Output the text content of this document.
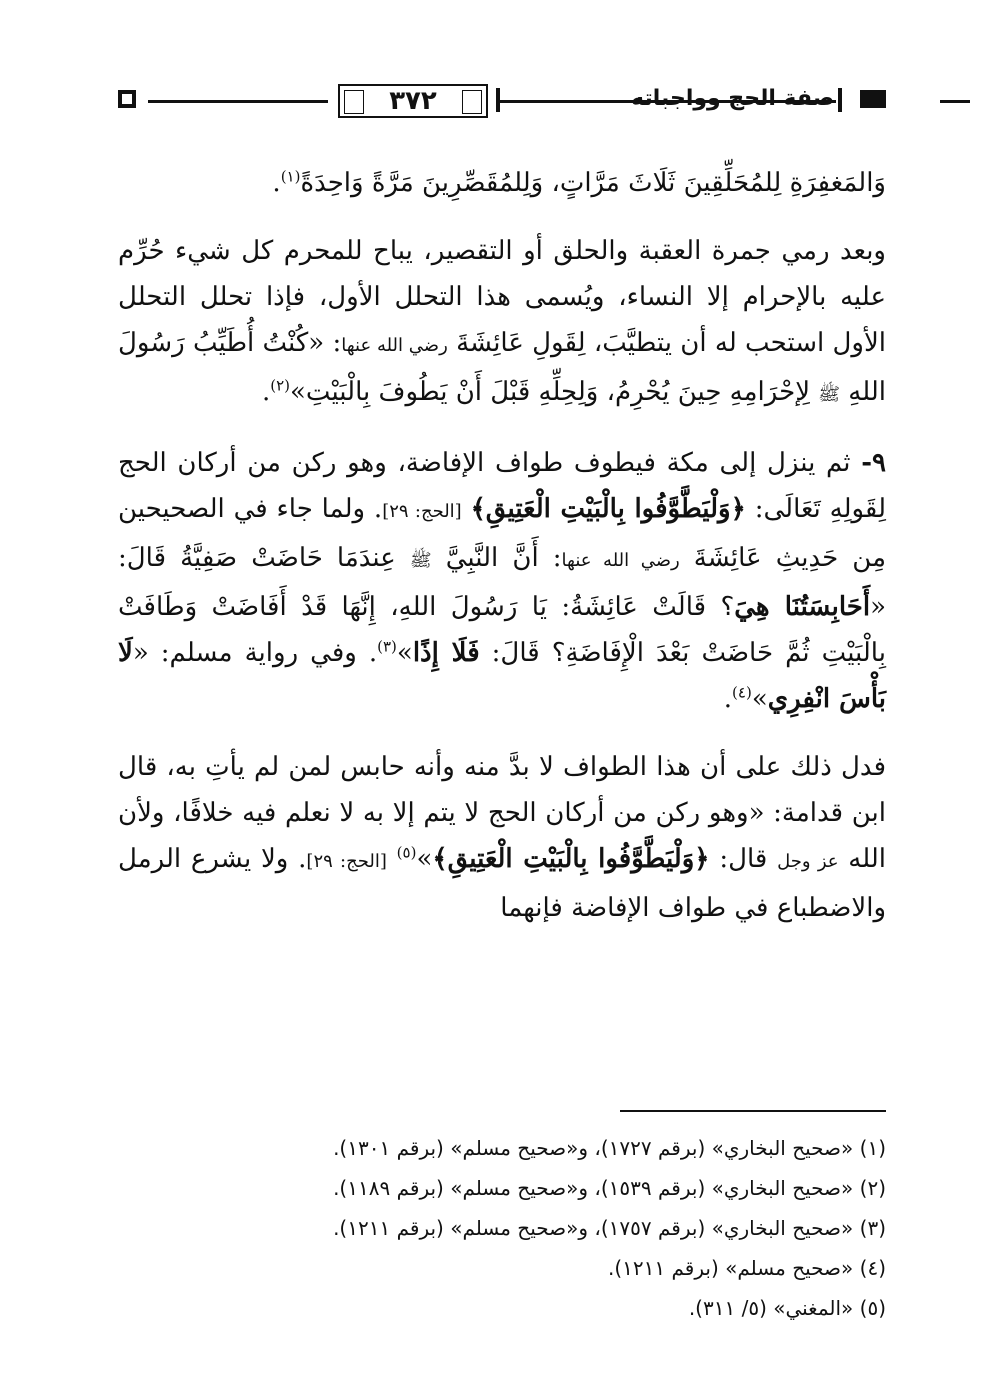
٣٧٢	صفة الحج وواجباته

وَالمَغفِرَةِ لِلمُحَلِّقِينَ ثَلَاثَ مَرَّاتٍ، وَلِلمُقَصِّرِينَ مَرَّةً وَاحِدَةً$^{(١)}$.

وبعد رمي جمرة العقبة والحلق أو التقصير، يباح للمحرم كل شيء حُرِّم عليه بالإحرام إلا النساء، ويُسمى هذا التحلل الأول، فإذا تحلل التحلل الأول استحب له أن يتطيَّبَ، لِقَولِ عَائِشَةَ رضي الله عنها: «كُنْتُ أُطَيِّبُ رَسُولَ اللهِ ﷺ لِإحْرَامِهِ حِينَ يُحْرِمُ، وَلِحِلِّهِ قَبْلَ أَنْ يَطُوفَ بِالْبَيْتِ»$^{(٢)}$.

٩- ثم ينزل إلى مكة فيطوف طواف الإفاضة، وهو ركن من أركان الحج لِقَولِهِ تَعَالَى: ﴿وَلْيَطَّوَّفُوا بِالْبَيْتِ الْعَتِيقِ﴾ [الحج: ٢٩]. ولما جاء في الصحيحين مِن حَدِيثِ عَائِشَةَ رضي الله عنها: أَنَّ النَّبِيَّ ﷺ عِندَمَا حَاضَتْ صَفِيَّةُ قَالَ: «أَحَابِسَتُنَا هِيَ؟ قَالَتْ عَائِشَةُ: يَا رَسُولَ اللهِ، إِنَّهَا قَدْ أَفَاضَتْ وَطَافَتْ بِالْبَيْتِ ثُمَّ حَاضَتْ بَعْدَ الْإِفَاضَةِ؟ قَالَ: فَلَا إِذًا»$^{(٣)}$. وفي رواية مسلم: «لَا بَأْسَ انْفِرِي»$^{(٤)}$.

فدل ذلك على أن هذا الطواف لا بدَّ منه وأنه حابس لمن لم يأتِ به، قال ابن قدامة: «وهو ركن من أركان الحج لا يتم إلا به لا نعلم فيه خلافًا، ولأن الله عز وجل قال: ﴿وَلْيَطَّوَّفُوا بِالْبَيْتِ الْعَتِيقِ﴾»$^{(٥)}$ [الحج: ٢٩]. ولا يشرع الرمل والاضطباع في طواف الإفاضة فإنهما

(١) «صحيح البخاري» (برقم ١٧٢٧)، و«صحيح مسلم» (برقم ١٣٠١).
(٢) «صحيح البخاري» (برقم ١٥٣٩)، و«صحيح مسلم» (برقم ١١٨٩).
(٣) «صحيح البخاري» (برقم ١٧٥٧)، و«صحيح مسلم» (برقم ١٢١١).
(٤) «صحيح مسلم» (برقم ١٢١١).
(٥) «المغني» (٥/ ٣١١).
